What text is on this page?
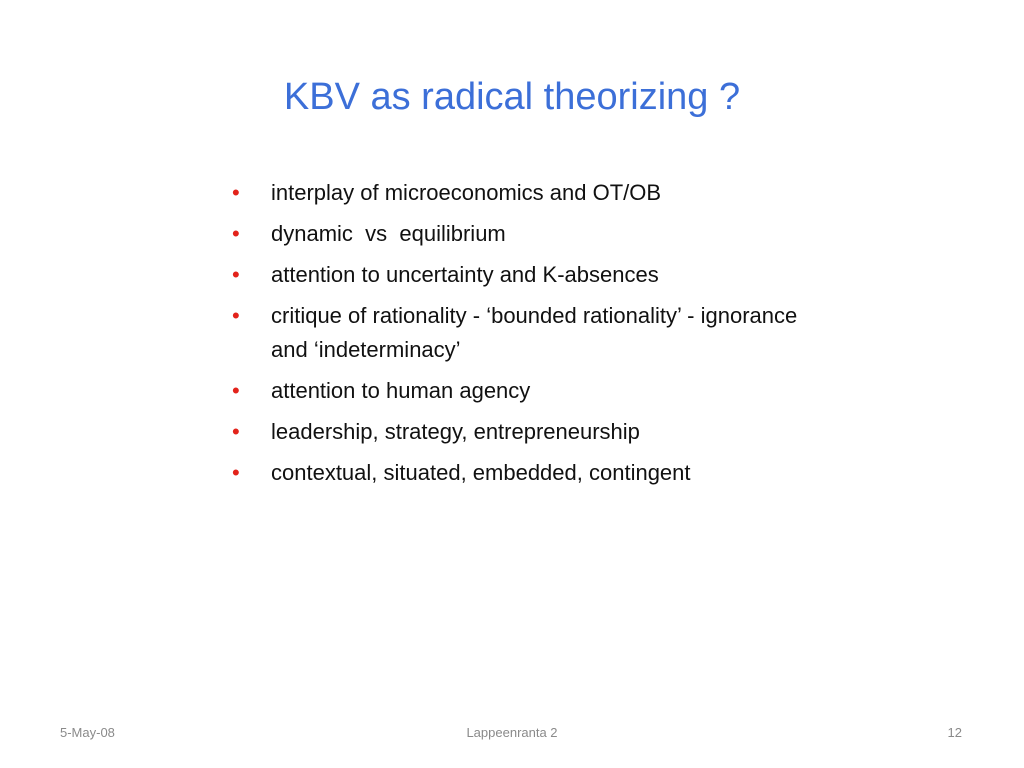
KBV as radical theorizing ?
• interplay of microeconomics and OT/OB
• dynamic  vs  equilibrium
• attention to uncertainty and K-absences
• critique of rationality - ‘bounded rationality’ - ignorance and ‘indeterminacy’
• attention to human agency
• leadership, strategy, entrepreneurship
• contextual, situated, embedded, contingent
5-May-08	Lappeenranta 2	12
